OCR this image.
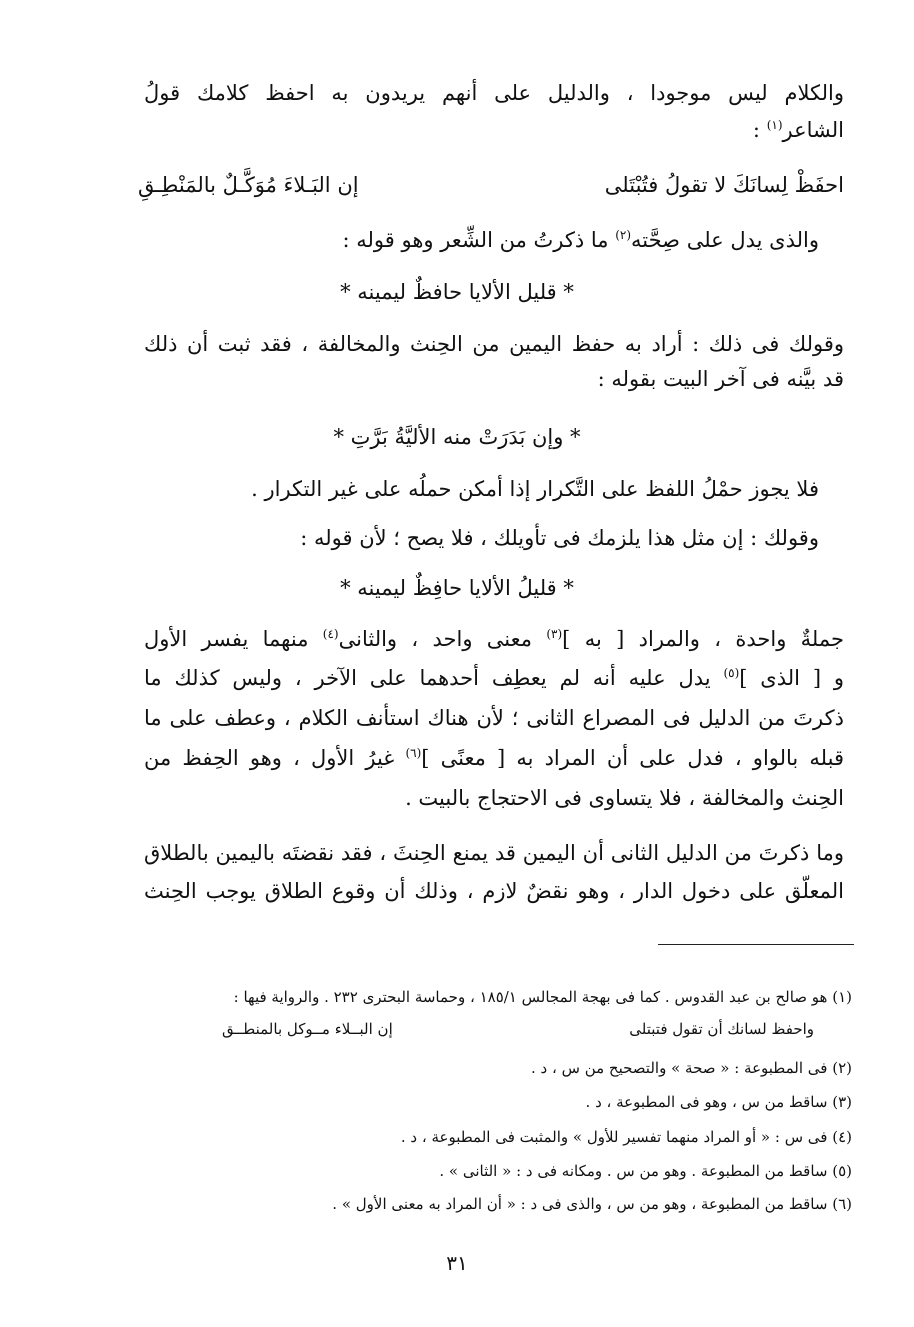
والكلام ليس موجودا ، والدليل على أنهم يريدون به احفظ كلامك قولُ
الشاعر$^{(١)}$ :
احفَظْ لِسانَكَ لا تقولُ فتُبْتَلى
إن البَـلاءَ مُوَكَّـلٌ بالمَنْطِـقِ
والذى يدل على صِحَّته$^{(٢)}$ ما ذكرتُ من الشِّعر وهو قوله :
* قليل الألايا حافظٌ ليمينه *
وقولك فى ذلك : أراد به حفظ اليمين من الحِنث والمخالفة ، فقد ثبت أن ذلك
قد بيَّنه فى آخر البيت بقوله :
* وإن بَدَرَتْ منه الأليَّةُ بَرَّتِ *
فلا يجوز حمْلُ اللفظ على التَّكرار إذا أمكن حملُه على غير التكرار .
وقولك : إن مثل هذا يلزمك فى تأويلك ، فلا يصح ؛ لأن قوله :
* قليلُ الألايا حافِظٌ ليمينه *
جملةٌ واحدة ، والمراد [ به ]$^{(٣)}$ معنى واحد ، والثانى$^{(٤)}$ منهما يفسر الأول
و [ الذى ]$^{(٥)}$ يدل عليه أنه لم يعطِف أحدهما على الآخر ، وليس كذلك ما
ذكرتَ من الدليل فى المصراع الثانى ؛ لأن هناك استأنف الكلام ، وعطف على ما
قبله بالواو ، فدل على أن المراد به [ معنًى ]$^{(٦)}$ غيرُ الأول ، وهو الحِفظ من
الحِنث والمخالفة ، فلا يتساوى فى الاحتجاج بالبيت .
وما ذكرتَ من الدليل الثانى أن اليمين قد يمنع الحِنثَ ، فقد نقضتَه باليمين بالطلاق
المعلّق على دخول الدار ، وهو نقضٌ لازم ، وذلك أن وقوع الطلاق يوجب الحِنث
(١) هو صالح بن عبد القدوس . كما فى بهجة المجالس ١٨٥/١ ، وحماسة البحترى ٢٣٢ . والرواية فيها :
واحفظ لسانك أن تقول فتبتلى
إن البــلاء مــوكل بالمنطــق
(٢) فى المطبوعة : « صحة » والتصحيح من س ، د .
(٣) ساقط من س ، وهو فى المطبوعة ، د .
(٤) فى س : « أو المراد منهما تفسير للأول » والمثبت فى المطبوعة ، د .
(٥) ساقط من المطبوعة . وهو من س . ومكانه فى د : « الثانى » .
(٦) ساقط من المطبوعة ، وهو من س ، والذى فى د : « أن المراد به معنى الأول » .
٣١
